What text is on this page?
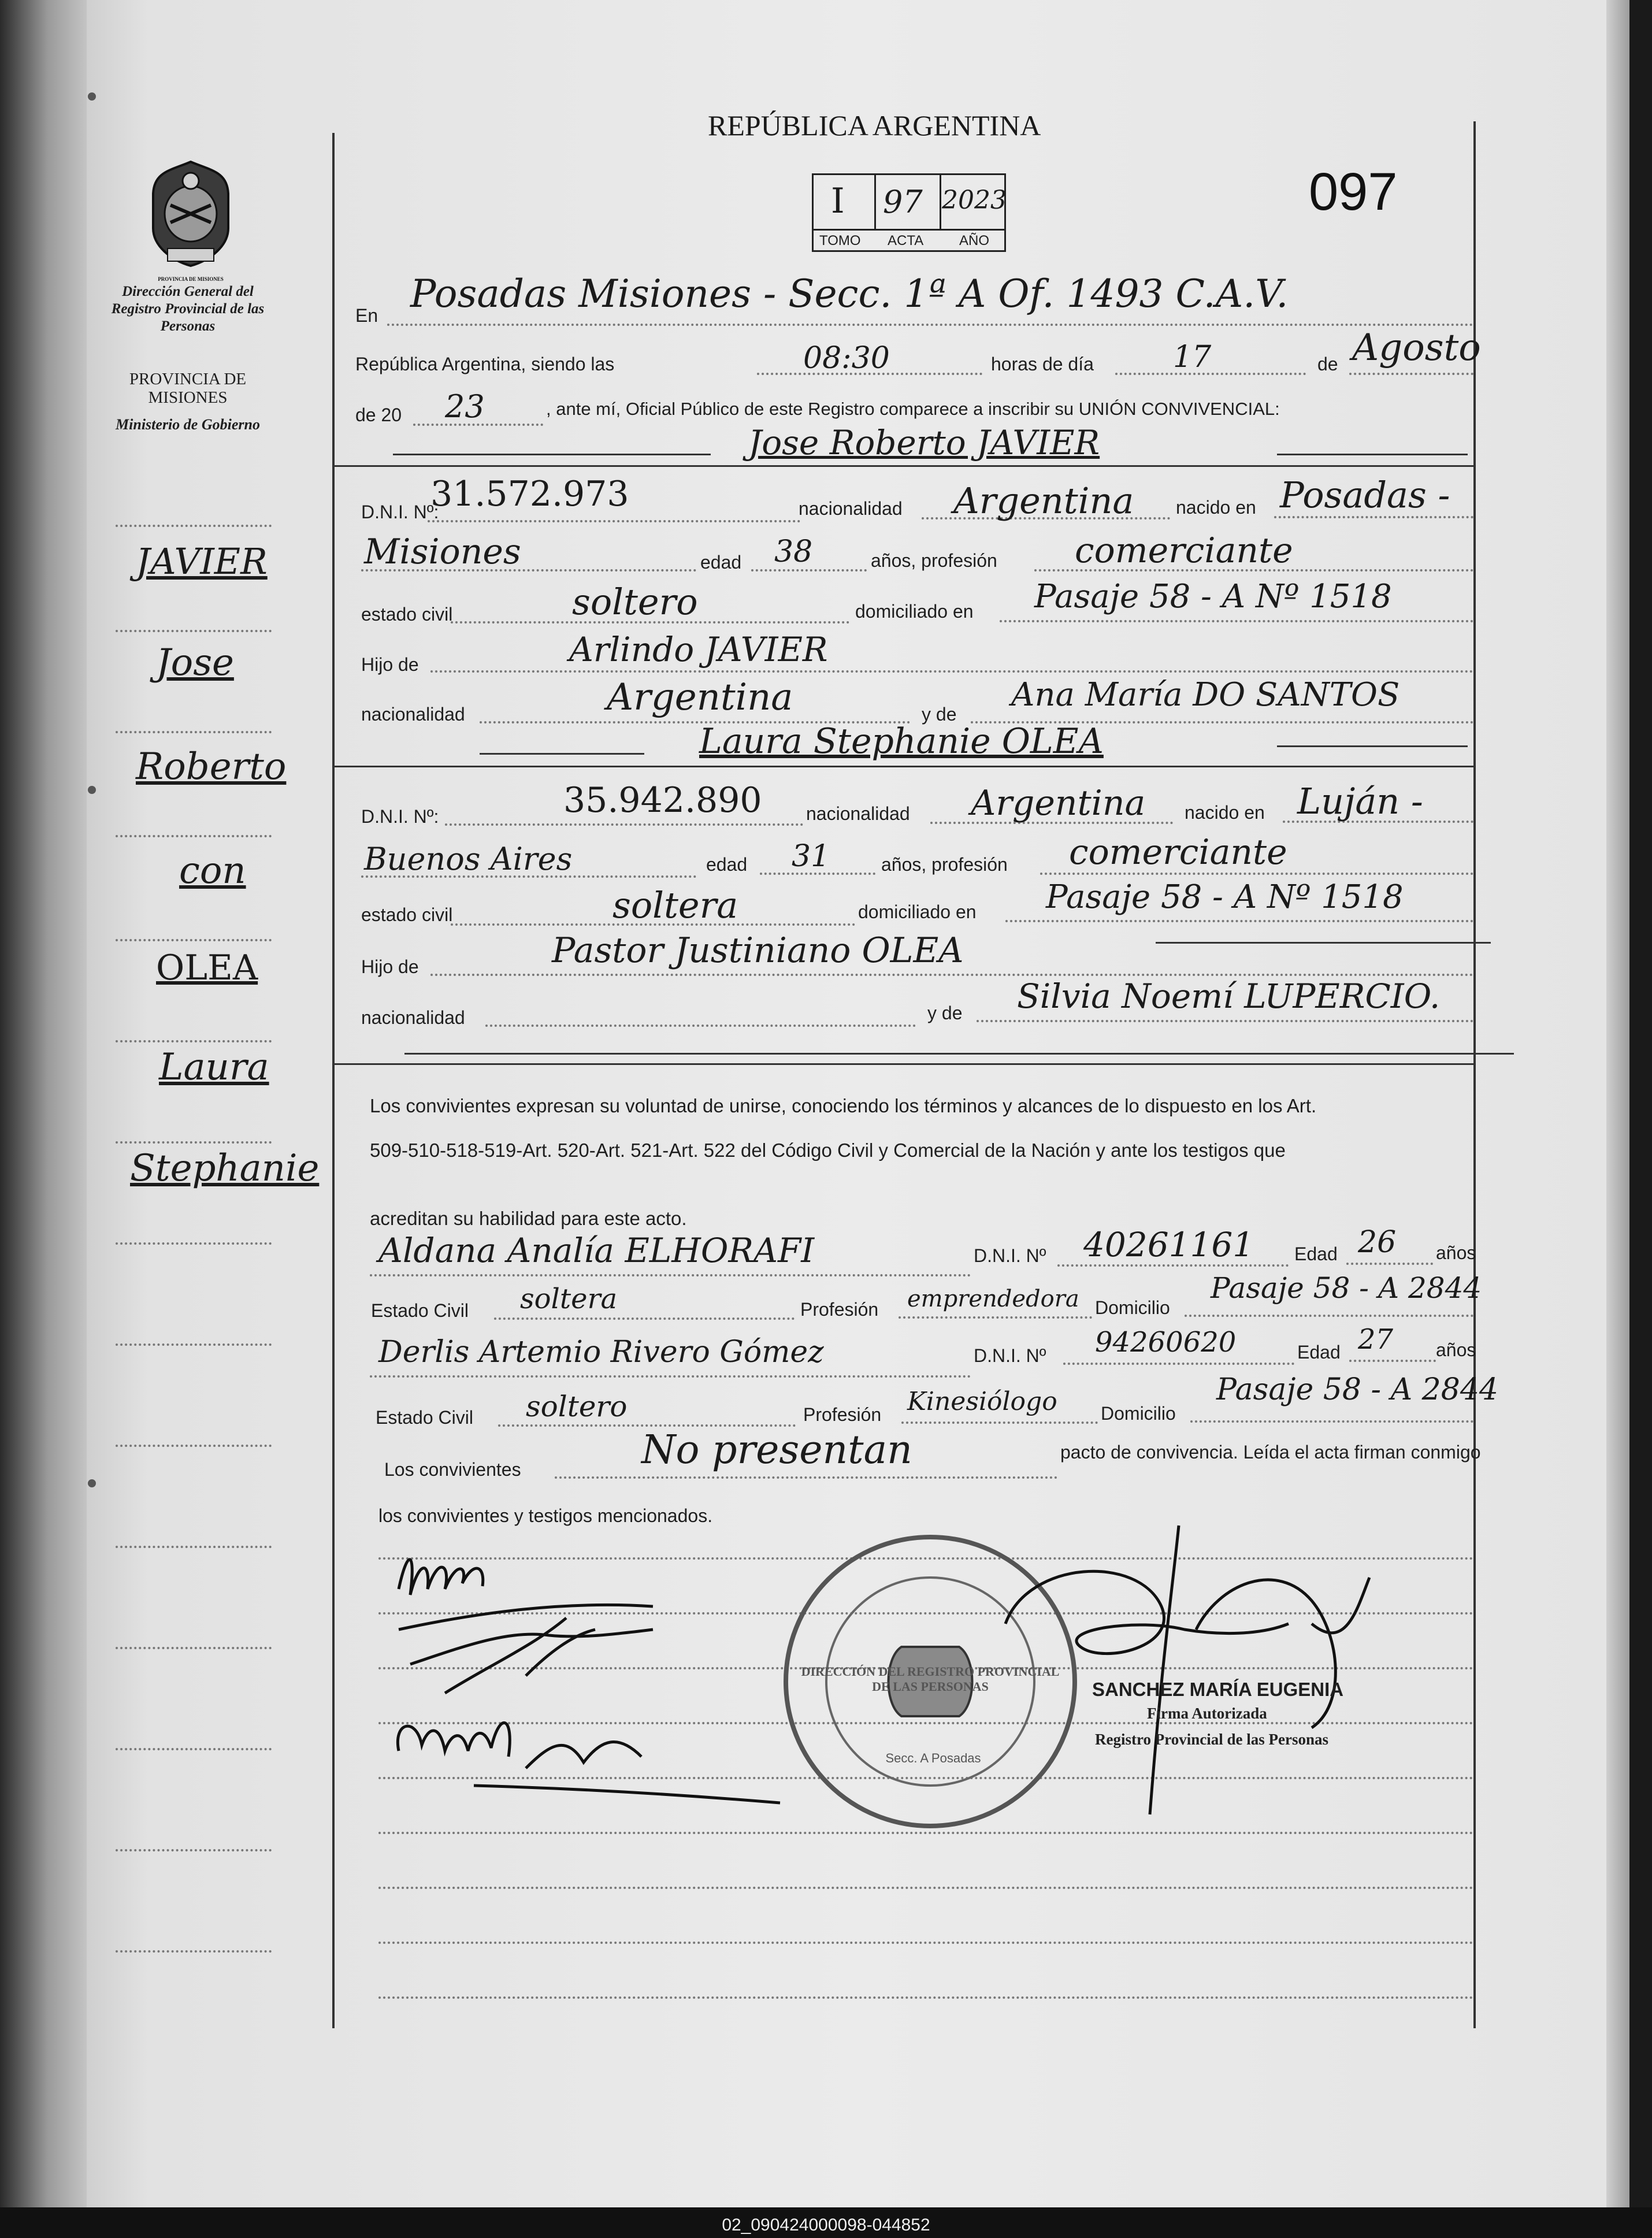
PROVINCIA DE MISIONES
Dirección General del Registro Provincial de las Personas
PROVINCIA DE MISIONES
Ministerio de Gobierno
JAVIER
Jose
Roberto
con
OLEA
Laura
Stephanie
REPÚBLICA ARGENTINA
097
I 97 2023
TOMO ACTA	AÑO
En Posadas Misiones - Secc. 1ª A Of. 1493 C.A.V.
República Argentina, siendo las	08:30	horas de día	17	de Agosto
de 20 23	, ante mí, Oficial Público de este Registro comparece a inscribir su UNIÓN CONVIVENCIAL:
Jose Roberto JAVIER
D.N.I. Nº:
31.572.973	nacionalidad Argentina nacido en Posadas -
Misiones	edad 38	años, profesión comerciante
estado civil	soltero	domiciliado en Pasaje 58 - A Nº 1518
Hijo de	Arlindo JAVIER
nacionalidad	Argentina	y de
Ana María DO SANTOS
Laura Stephanie OLEA
D.N.I. Nº:	35.942.890 nacionalidad Argentina nacido en Luján -
Buenos Aires	edad 31	años, profesión comerciante
estado civil	soltera	domiciliado en Pasaje 58 - A Nº 1518
Hijo de	Pastor Justiniano OLEA
nacionalidad	y de Silvia Noemí LUPERCIO.
Los convivientes expresan su voluntad de unirse, conociendo los términos y alcances de lo dispuesto en los Art.
509-510-518-519-Art. 520-Art. 521-Art. 522 del Código Civil y Comercial de la Nación y ante los testigos que
acreditan su habilidad para este acto.
Aldana Analía ELHORAFI	D.N.I. Nº 40261161 Edad 26 años
Estado Civil soltera	Profesión emprendedora Domicilio
Pasaje 58 - A 2844
Derlis Artemio Rivero Gómez	D.N.I. Nº 94260620	Edad 27 años
Estado Civil soltero	Profesión Kinesiólogo Domicilio
Pasaje 58 - A 2844
Los convivientes	No presentan	pacto de convivencia. Leída el acta firman conmigo
los convivientes y testigos mencionados.
DIRECCIÓN DEL REGISTRO PROVINCIAL DE LAS PERSONAS
Secc. A Posadas
SANCHEZ MARÍA EUGENIA
Firma Autorizada
Registro Provincial de las Personas
02_090424000098-044852
